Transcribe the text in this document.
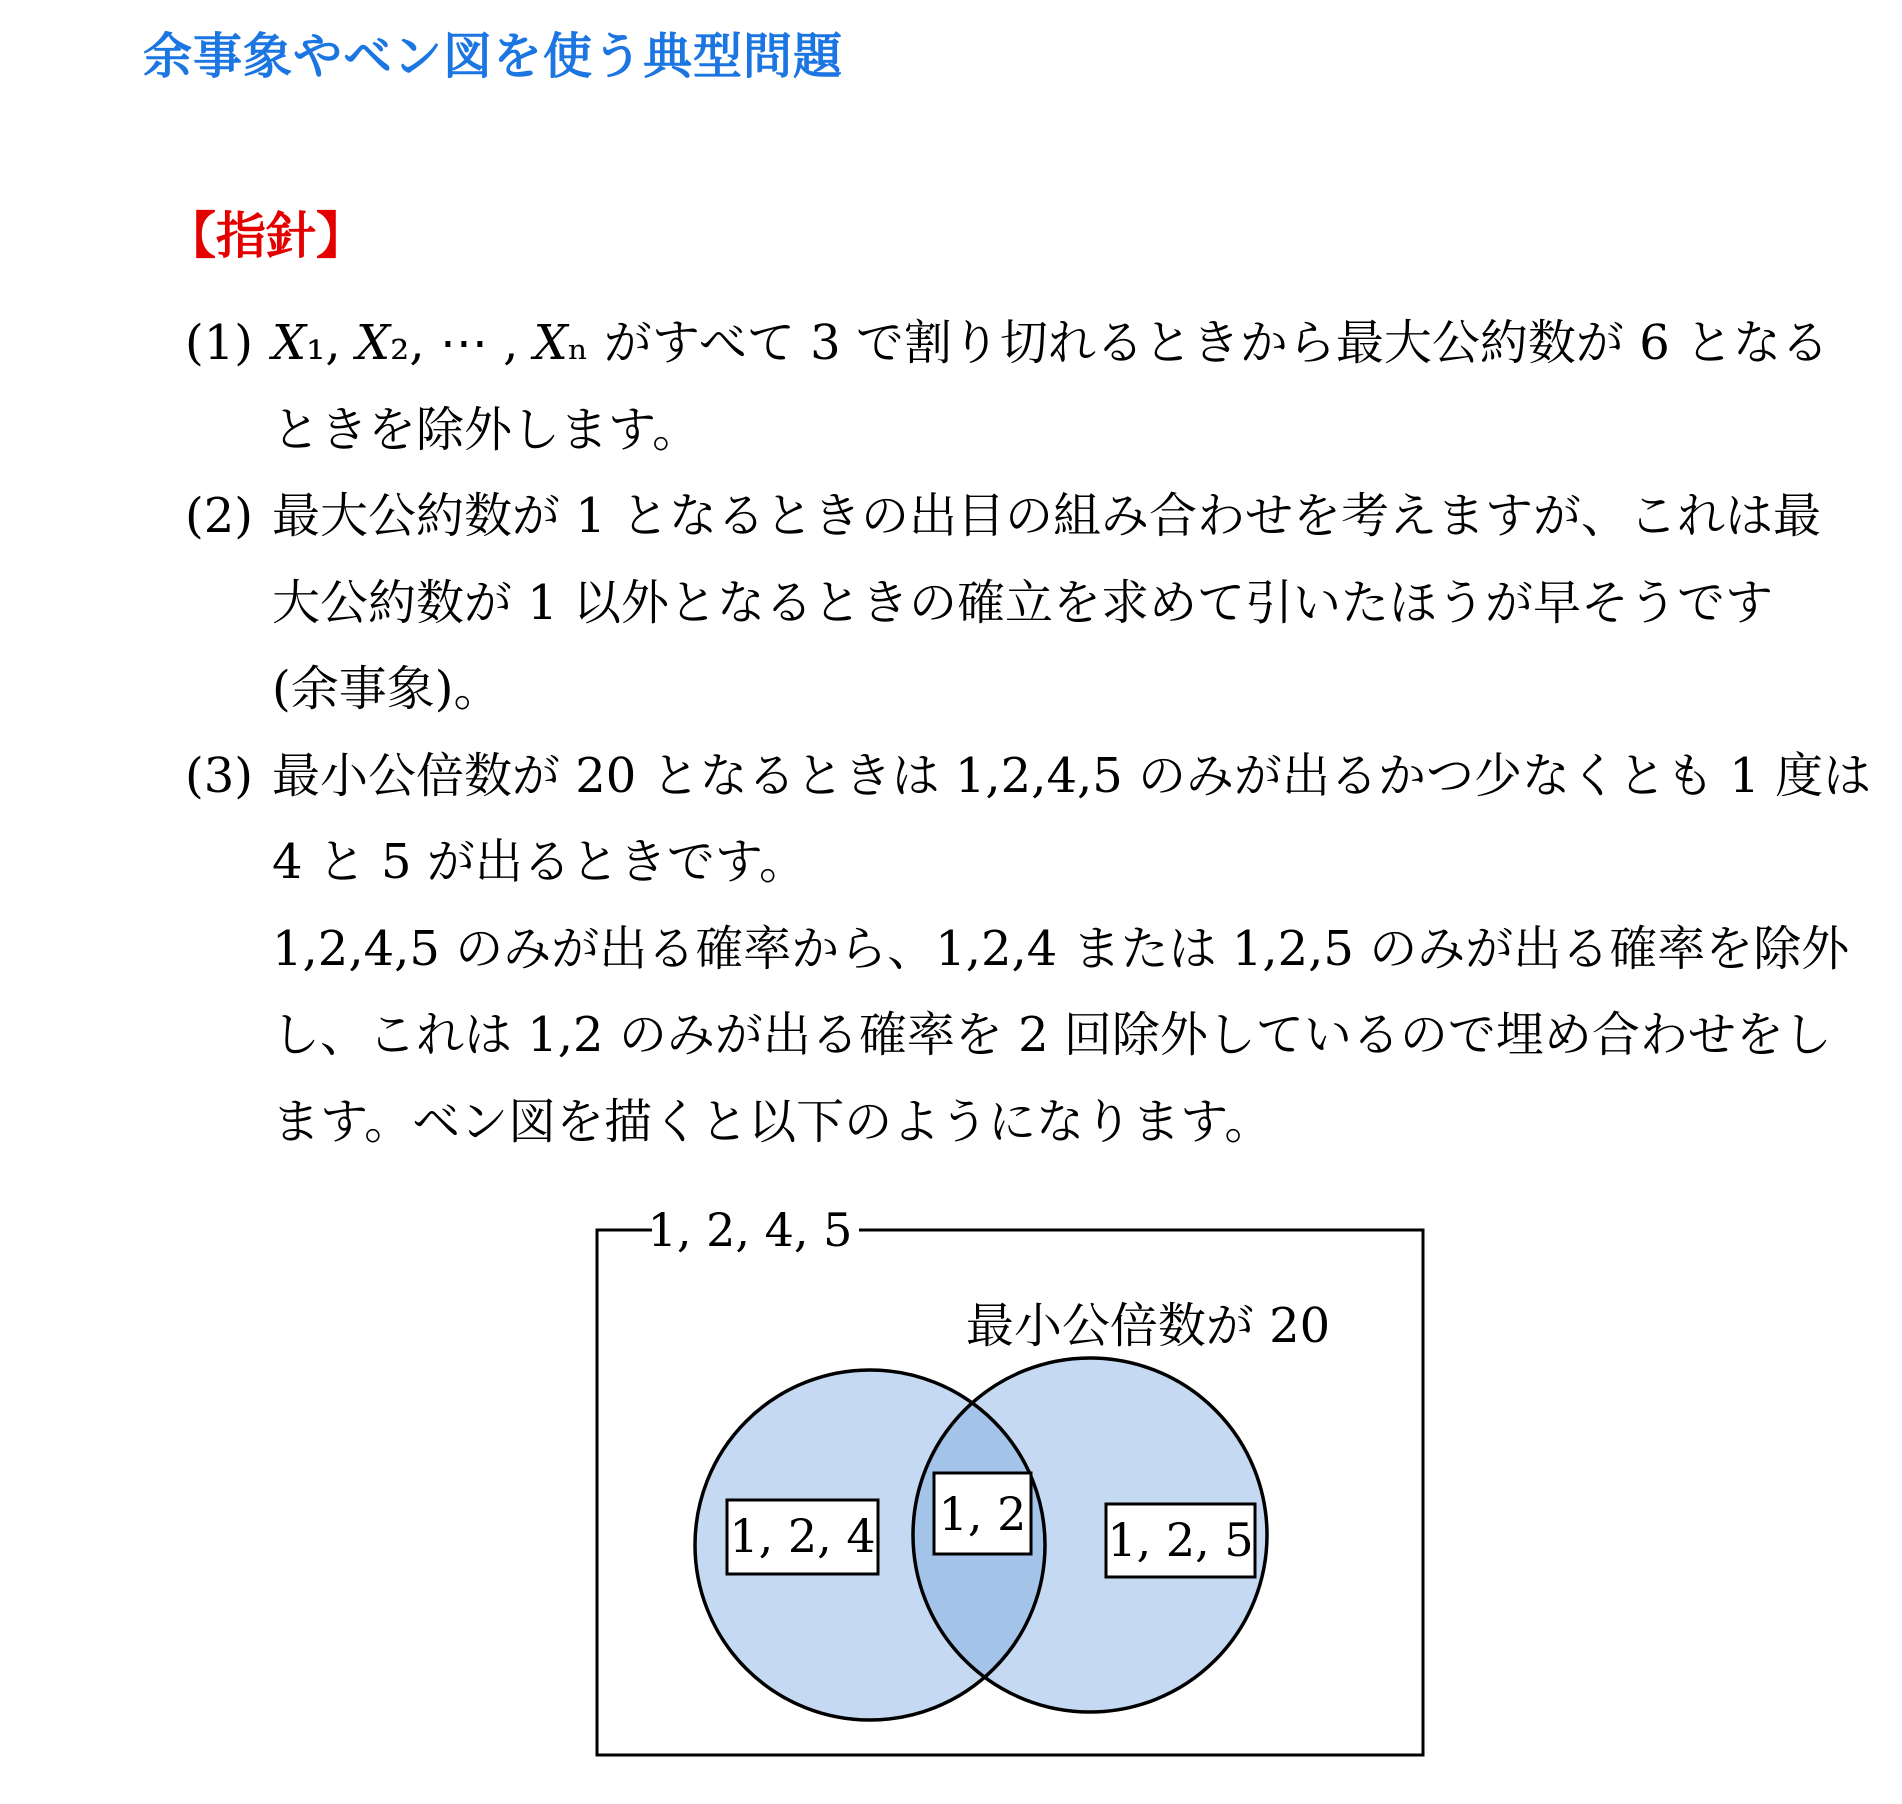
余事象やベン図を使う典型問題
【指針】
(1) X₁, X₂, ⋯ , Xₙ がすべて 3 で割り切れるときから最大公約数が 6 となる
ときを除外します。
(2) 最大公約数が 1 となるときの出目の組み合わせを考えますが、これは最
大公約数が 1 以外となるときの確立を求めて引いたほうが早そうです
(余事象)。
(3) 最小公倍数が 20 となるときは 1,2,4,5 のみが出るかつ少なくとも 1 度は
4 と 5 が出るときです。
1,2,4,5 のみが出る確率から、1,2,4 または 1,2,5 のみが出る確率を除外
し、これは 1,2 のみが出る確率を 2 回除外しているので埋め合わせをし
ます。ベン図を描くと以下のようになります。
1, 2, 4, 5
最小公倍数が 20
1, 2, 4 1, 2 1, 2, 5
